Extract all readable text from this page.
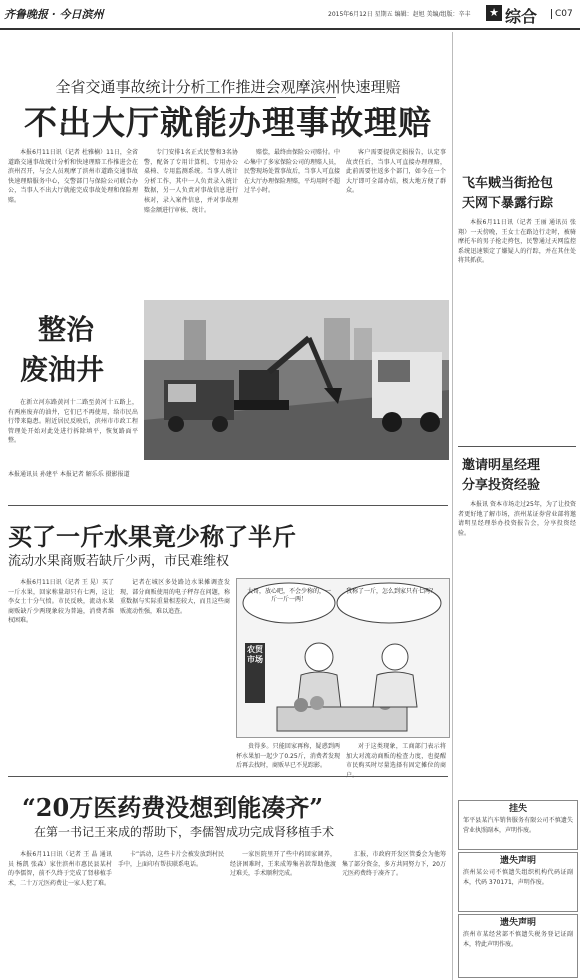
齐鲁晚报 · 今日滨州	2015年6月12日 星期五 编辑：赵旭 美编/组版：辛丰 ★ 综合	C07
全省交通事故统计分析工作推进会观摩滨州快速理赔
不出大厅就能办理事故理赔

本报6月11日讯（记者 杜雅楠）11日，全省道路交通事故统计分析和快速理赔工作推进会在滨州召开，与会人员观摩了滨州市道路交通事故快速理赔服务中心，交警部门与保险公司联合办公，当事人不出大厅就能完成事故处理和保险理赔。

专门安排1名正式民警和3名协警，配备了专用计算机、专用办公桌椅、专用监测系统。当事人统计分析工作，其中一人负责录入统计数据，另一人负责对事故信息进行核对，录入案件信息，并对事故理赔金额进行审核、统计。

赔偿，最终由保险公司赔付。中心集中了多家保险公司的理赔人员，民警现场处置事故后，当事人可直接在大厅办理保险理赔，平均用时不超过半小时。

客户需要提供定损报告，认定事故责任后，当事人可直接办理理赔，此前需要往返多个部门，如今在一个大厅即可全部办结，极大地方便了群众。

整治
废油井

在新立河东路黄河十二路至黄河十五路上，有两座废弃的油井，它们已不再使用，给市民出行带来隐患。附近居民反映后，滨州市市政工程管理处开始对此处进行拆除填平，恢复路面平整。

本报通讯员 孙建平 本报记者 解乐乐 摄影报道
买了一斤水果竟少称了半斤
流动水果商贩若缺斤少两，市民难维权

本报6月11日讯（记者 王 晃）买了一斤水果，回家称量却只有七两，这让李女士十分气愤。市民反映，流动水果商贩缺斤少两现象较为普遍，消费者维权困难。

记者在城区多处路边水果摊调查发现，部分商贩使用的电子秤存在问题，称重数据与实际重量相差较大，而且这些商贩流动性强，难以追查。

大哥，放心吧，不会少称的，一斤一斤一两！
我称了一斤，怎么到家只有七两？
农贸市场

贵得多。只能回家再称，疑惑到两杯水果加一起少了0.25斤，消费者发现后再去找时，商贩早已不见踪影。

对于这类现象，工商部门表示将加大对流动商贩的检查力度，也提醒市民购买时尽量选择有固定摊位的商

“20万医药费没想到能凑齐”
在第一书记王来成的帮助下，李儒智成功完成肾移植手术

本报6月11日讯（记者 王 晶 通讯员 杨凯 张森）家住滨州市惠民县某村的李儒智，前不久终于完成了肾移植手术，二十万元医药费让一家人犯了难。

卡”活动，这些卡片会被发放到村民手中，上面印有帮扶联系电话。

一家医院里开了些中药回家调养，经济困难时，王来成筹集善款帮助他渡过难关，手术顺利完成。

汇报，市政府开发区管委会为他筹集了部分资金，多方共同努力下，20万元医药费终于凑齐了。

飞车贼当街抢包
天网下暴露行踪

本报6月11日讯（记者 王丽 通讯员 张翔）一天傍晚，王女士在路边行走时，被骑摩托车的男子抢走挎包，民警通过天网监控系统迅速锁定了嫌疑人的行踪，并在其住处将其抓获。

邀请明星经理
分享投资经验

本报讯 资本市场走过25年，为了让投资者更好地了解市场，滨州某证券营业部将邀请明星经理举办投资报告会，分享投资经验。

挂失
邹平县某汽车销售服务有限公司不慎遗失营业执照副本，声明作废。
遗失声明
滨州某公司不慎遗失组织机构代码证副本，代码 370171，声明作废。
遗失声明
滨州市某经营部不慎遗失税务登记证副本，特此声明作废。
